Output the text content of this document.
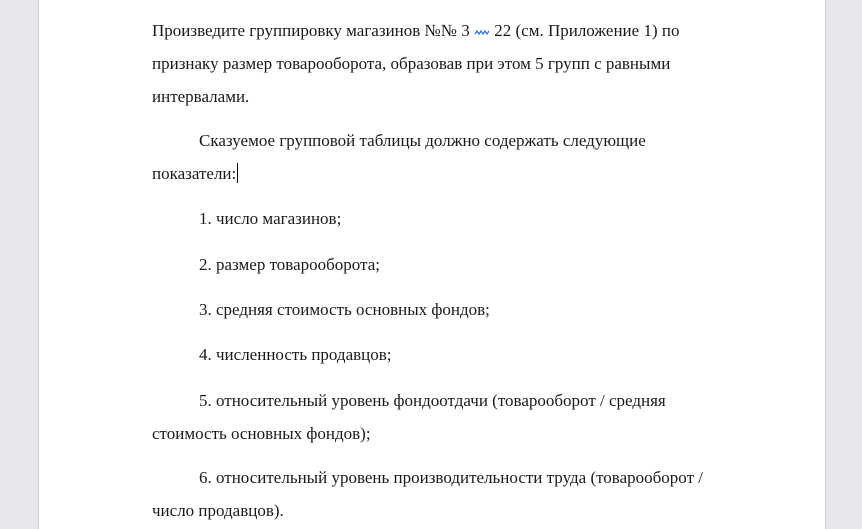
Произведите группировку магазинов №№ 3 22 (см. Приложение 1) по
признаку размер товарооборота, образовав при этом 5 групп с равными
интервалами.
Сказуемое групповой таблицы должно содержать следующие
показатели:
1. число магазинов;
2. размер товарооборота;
3. средняя стоимость основных фондов;
4. численность продавцов;
5. относительный уровень фондоотдачи (товарооборот / средняя
стоимость основных фондов);
6. относительный уровень производительности труда (товарооборот /
число продавцов).
